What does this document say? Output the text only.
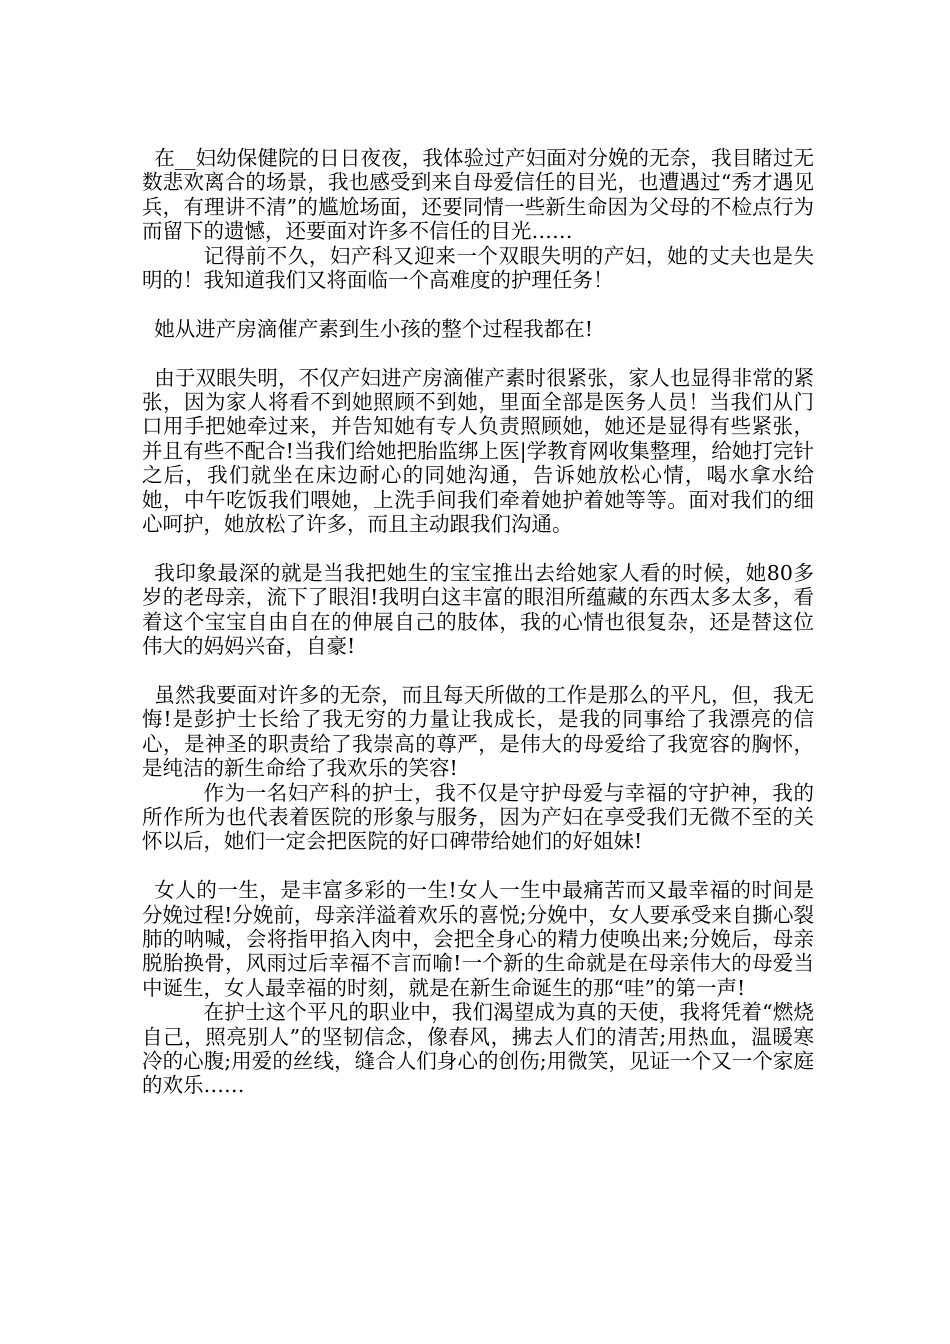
在__妇幼保健院的日日夜夜，我体验过产妇面对分娩的无奈，我目睹过无数悲欢离合的场景，我也感受到来自母爱信任的目光，也遭遇过“秀才遇见兵，有理讲不清”的尴尬场面，还要同情一些新生命因为父母的不检点行为而留下的遗憾，还要面对许多不信任的目光……

记得前不久，妇产科又迎来一个双眼失明的产妇，她的丈夫也是失明的！我知道我们又将面临一个高难度的护理任务！

她从进产房滴催产素到生小孩的整个过程我都在!

由于双眼失明，不仅产妇进产房滴催产素时很紧张，家人也显得非常的紧张，因为家人将看不到她照顾不到她，里面全部是医务人员！当我们从门口用手把她牵过来，并告知她有专人负责照顾她，她还是显得有些紧张，并且有些不配合!当我们给她把胎监绑上医|学教育网收集整理，给她打完针之后，我们就坐在床边耐心的同她沟通，告诉她放松心情，喝水拿水给她，中午吃饭我们喂她，上洗手间我们牵着她护着她等等。面对我们的细心呵护，她放松了许多，而且主动跟我们沟通。

我印象最深的就是当我把她生的宝宝推出去给她家人看的时候，她80多岁的老母亲，流下了眼泪!我明白这丰富的眼泪所蕴藏的东西太多太多，看着这个宝宝自由自在的伸展自己的肢体，我的心情也很复杂，还是替这位伟大的妈妈兴奋，自豪!

虽然我要面对许多的无奈，而且每天所做的工作是那么的平凡，但，我无悔!是彭护士长给了我无穷的力量让我成长，是我的同事给了我漂亮的信心，是神圣的职责给了我崇高的尊严，是伟大的母爱给了我宽容的胸怀，是纯洁的新生命给了我欢乐的笑容!

作为一名妇产科的护士，我不仅是守护母爱与幸福的守护神，我的所作所为也代表着医院的形象与服务，因为产妇在享受我们无微不至的关怀以后，她们一定会把医院的好口碑带给她们的好姐妹!

女人的一生，是丰富多彩的一生!女人一生中最痛苦而又最幸福的时间是分娩过程!分娩前，母亲洋溢着欢乐的喜悦;分娩中，女人要承受来自撕心裂肺的呐喊，会将指甲掐入肉中，会把全身心的精力使唤出来;分娩后，母亲脱胎换骨，风雨过后幸福不言而喻!一个新的生命就是在母亲伟大的母爱当中诞生，女人最幸福的时刻，就是在新生命诞生的那“哇”的第一声!

在护士这个平凡的职业中，我们渴望成为真的天使，我将凭着“燃烧自己，照亮别人”的坚韧信念，像春风，拂去人们的清苦;用热血，温暖寒冷的心腹;用爱的丝线，缝合人们身心的创伤;用微笑，见证一个又一个家庭的欢乐……
